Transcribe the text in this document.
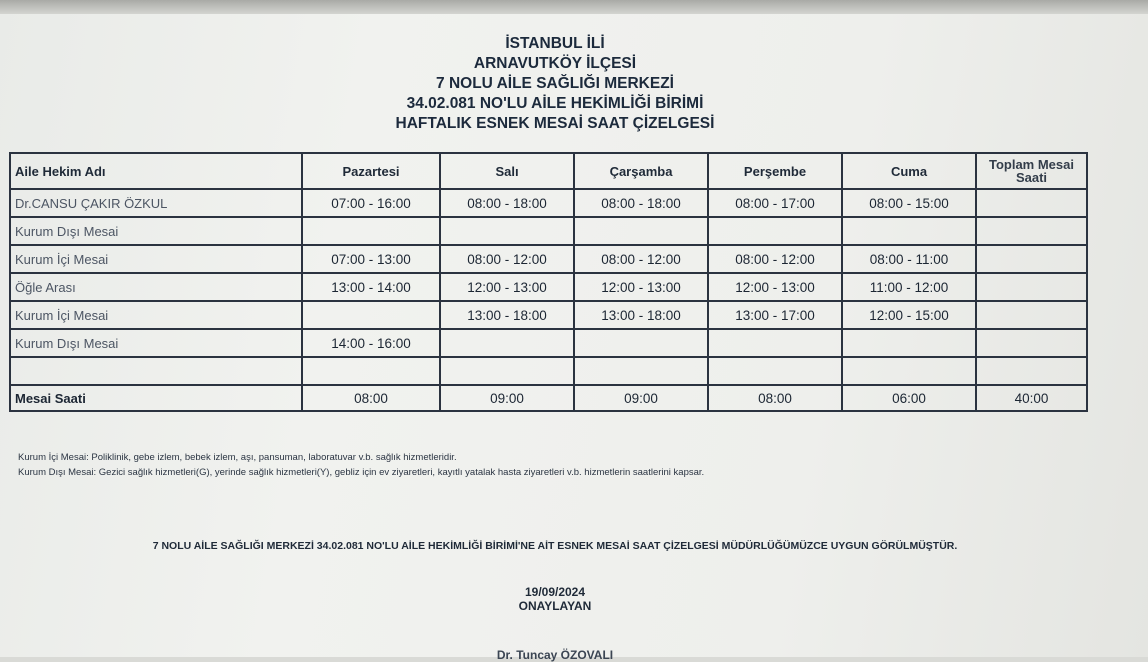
İSTANBUL İLİ
ARNAVUTKÖY İLÇESİ
7 NOLU AİLE SAĞLIĞI MERKEZİ
34.02.081 NO'LU AİLE HEKİMLİĞİ BİRİMİ
HAFTALIK ESNEK MESAİ SAAT ÇİZELGESİ
Aile Hekim Adı	Pazartesi	Salı	Çarşamba	Perşembe	Cuma	Toplam Mesai Saati
Dr.CANSU ÇAKIR ÖZKUL	07:00 - 16:00	08:00 - 18:00	08:00 - 18:00	08:00 - 17:00	08:00 - 15:00	
Kurum Dışı Mesai						
Kurum İçi Mesai	07:00 - 13:00	08:00 - 12:00	08:00 - 12:00	08:00 - 12:00	08:00 - 11:00	
Öğle Arası	13:00 - 14:00	12:00 - 13:00	12:00 - 13:00	12:00 - 13:00	11:00 - 12:00	
Kurum İçi Mesai		13:00 - 18:00	13:00 - 18:00	13:00 - 17:00	12:00 - 15:00	
Kurum Dışı Mesai	14:00 - 16:00					

Mesai Saati	08:00	09:00	09:00	08:00	06:00	40:00
Kurum İçi Mesai: Poliklinik, gebe izlem, bebek izlem, aşı, pansuman, laboratuvar v.b. sağlık hizmetleridir.
Kurum Dışı Mesai: Gezici sağlık hizmetleri(G), yerinde sağlık hizmetleri(Y), gebliz için ev ziyaretleri, kayıtlı yatalak hasta ziyaretleri v.b. hizmetlerin saatlerini kapsar.
7 NOLU AİLE SAĞLIĞI MERKEZİ 34.02.081 NO'LU AİLE HEKİMLİĞİ BİRİMİ'NE AİT ESNEK MESAİ SAAT ÇİZELGESİ MÜDÜRLÜĞÜMÜZCE UYGUN GÖRÜLMÜŞTÜR.
19/09/2024
ONAYLAYAN
Dr. Tuncay ÖZOVALI
